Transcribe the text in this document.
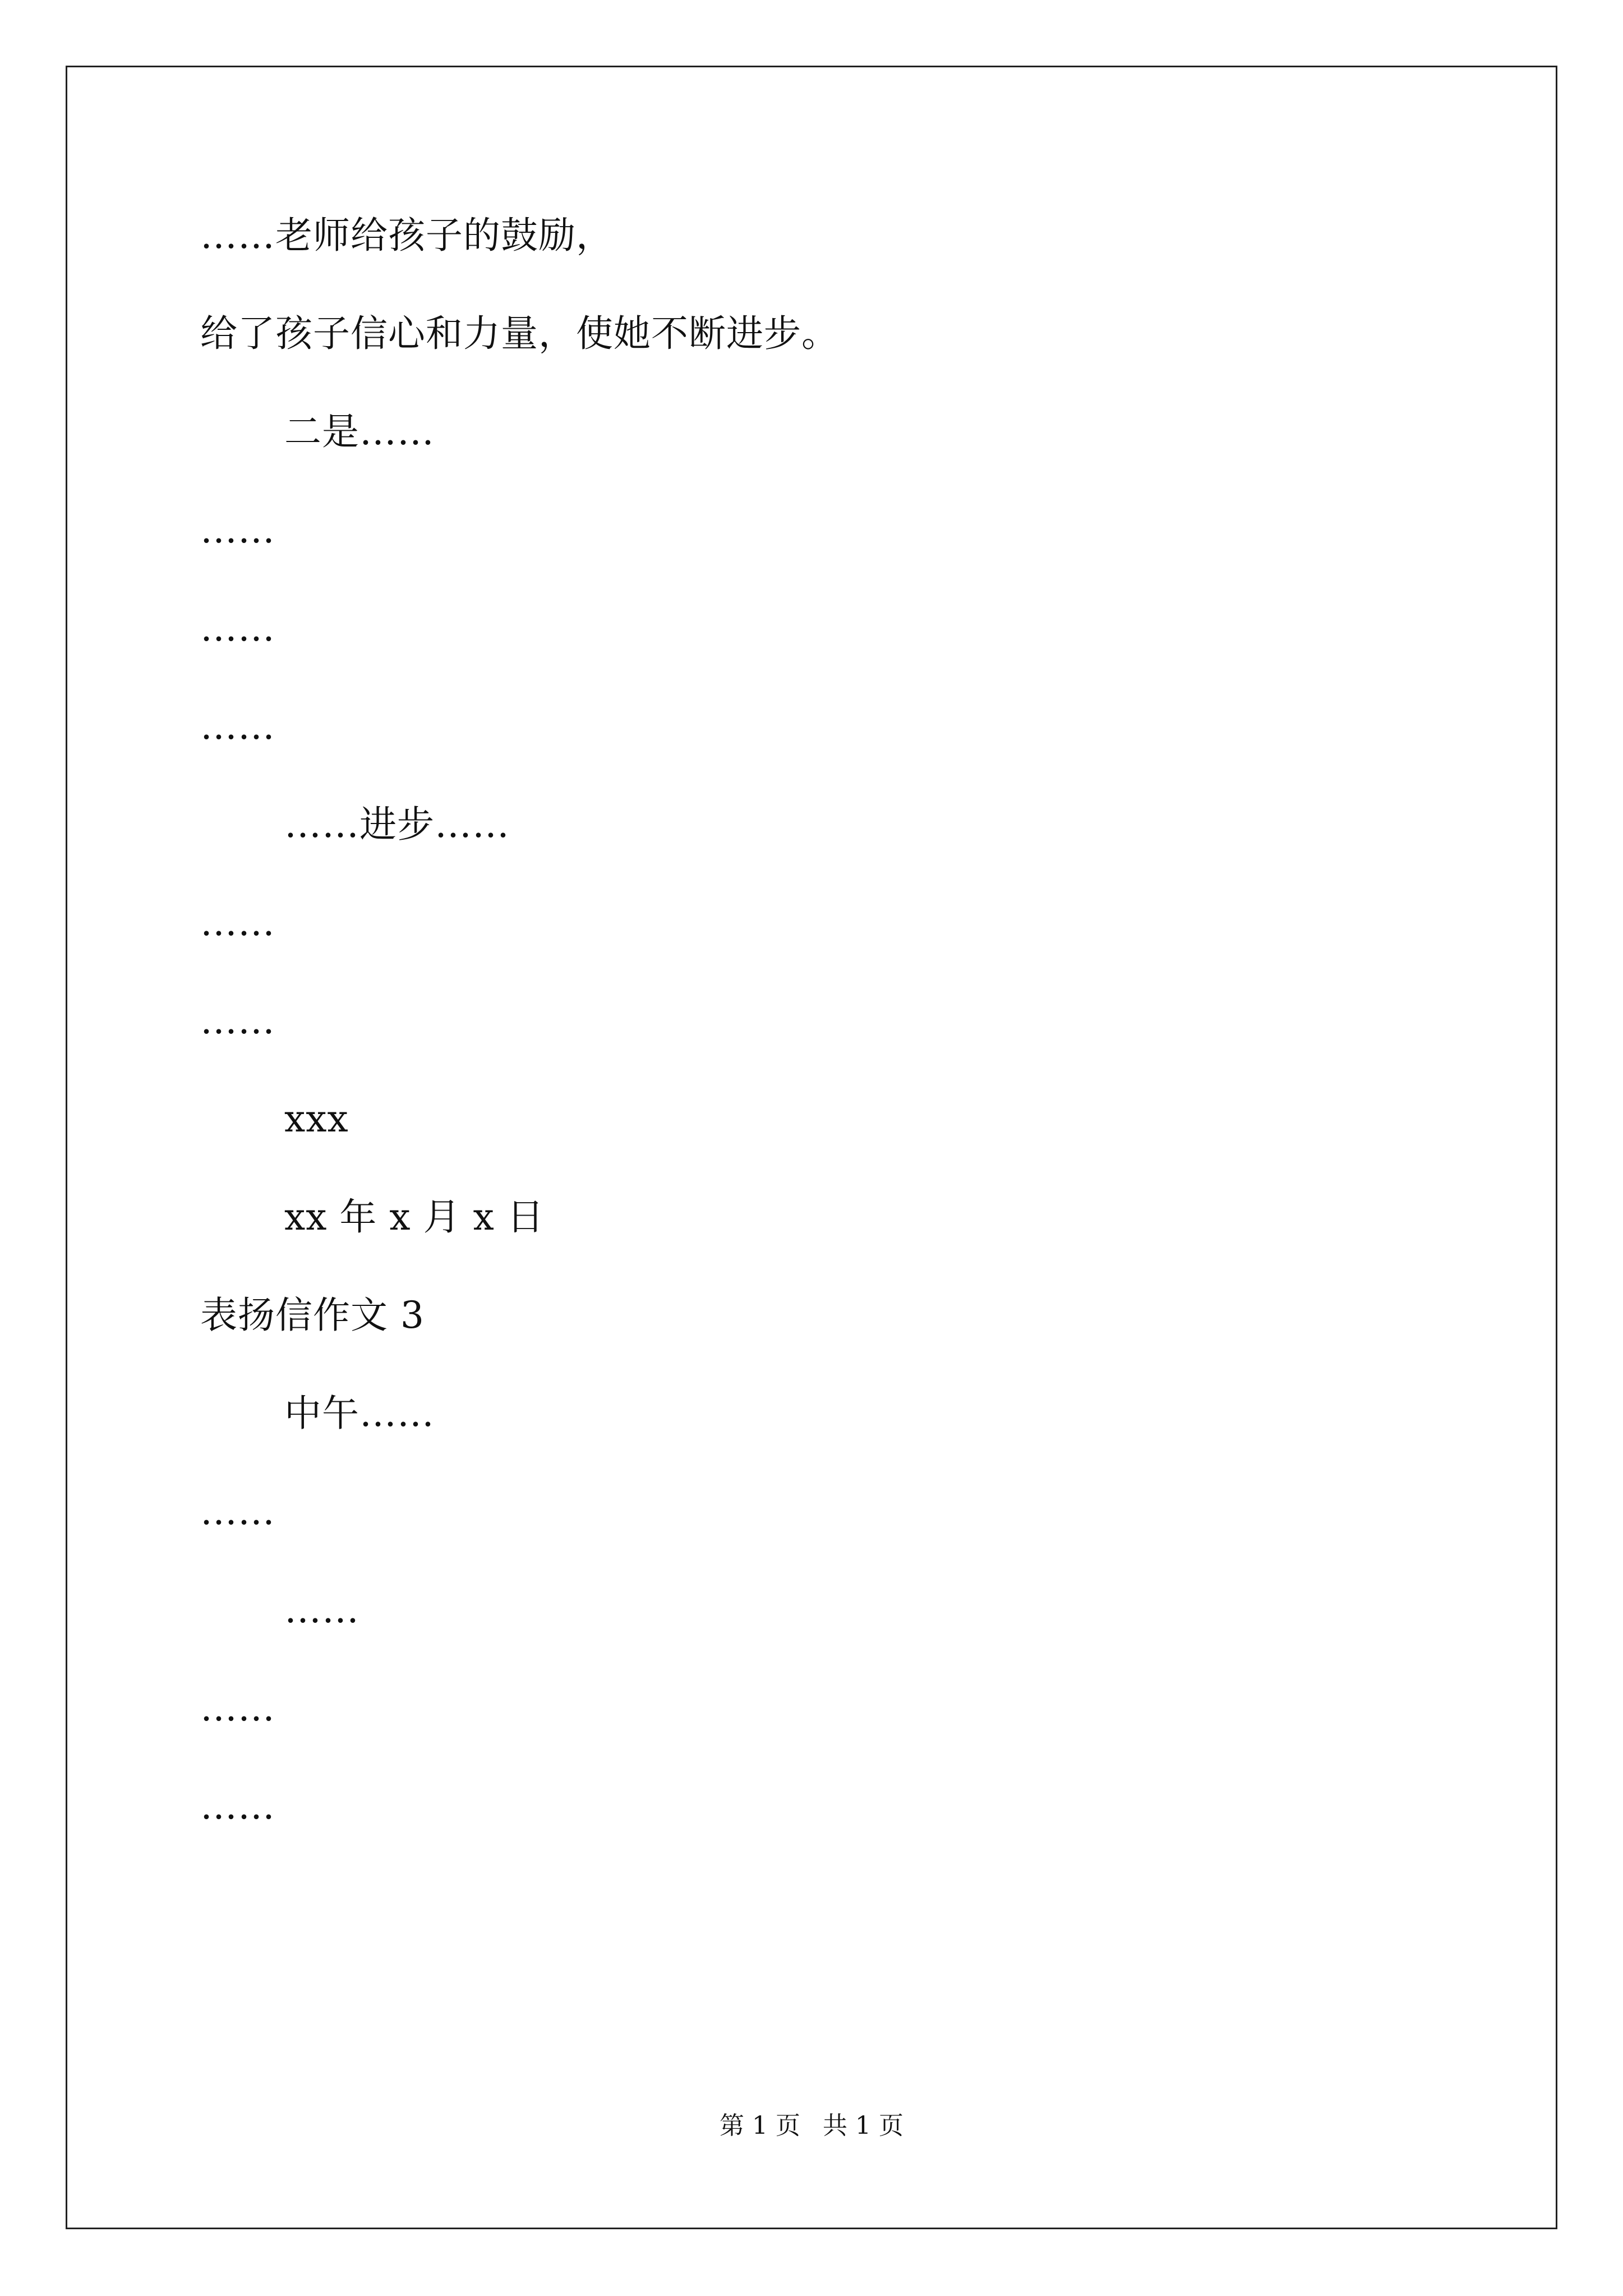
……老师给孩子的鼓励，
给了孩子信心和力量，使她不断进步。
二是……
……
……
……
……进步……
……
……
xxx
xx 年 x 月 x 日
表扬信作文 3
中午……
……
……
……
……
第 1 页 共 1 页
